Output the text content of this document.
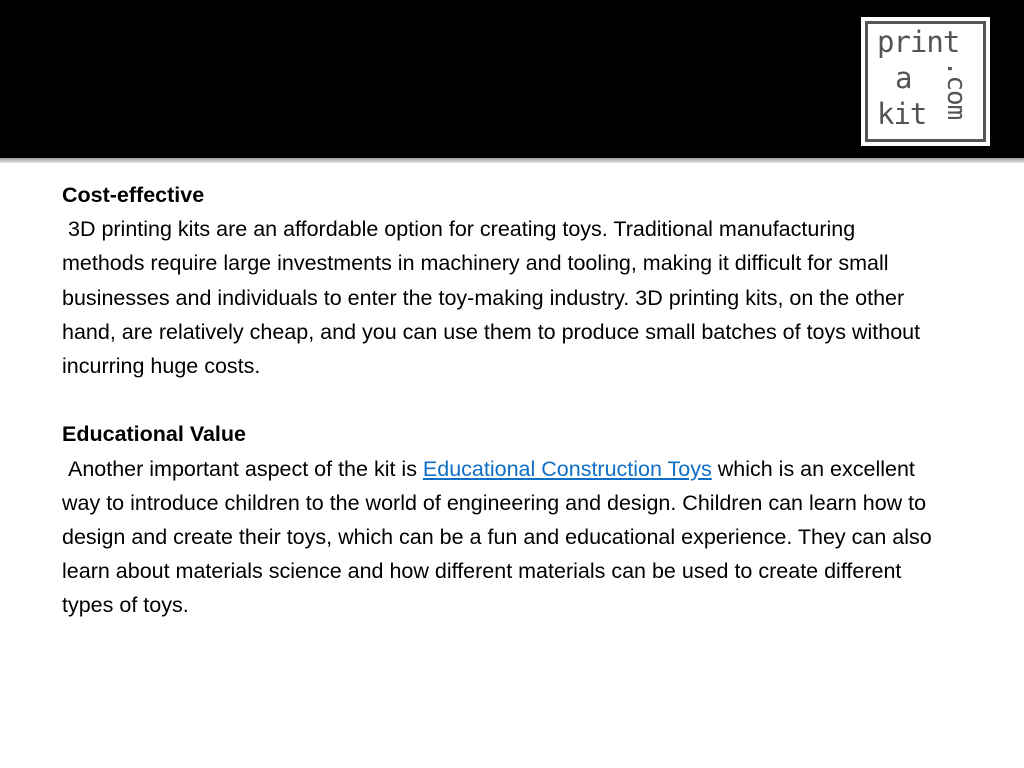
print
a
kit .com

Cost-effective

3D printing kits are an affordable option for creating toys. Traditional manufacturing methods require large investments in machinery and tooling, making it difficult for small businesses and individuals to enter the toy-making industry. 3D printing kits, on the other hand, are relatively cheap, and you can use them to produce small batches of toys without incurring huge costs.

Educational Value

Another important aspect of the kit is Educational Construction Toys which is an excellent way to introduce children to the world of engineering and design. Children can learn how to design and create their toys, which can be a fun and educational experience. They can also learn about materials science and how different materials can be used to create different types of toys.
